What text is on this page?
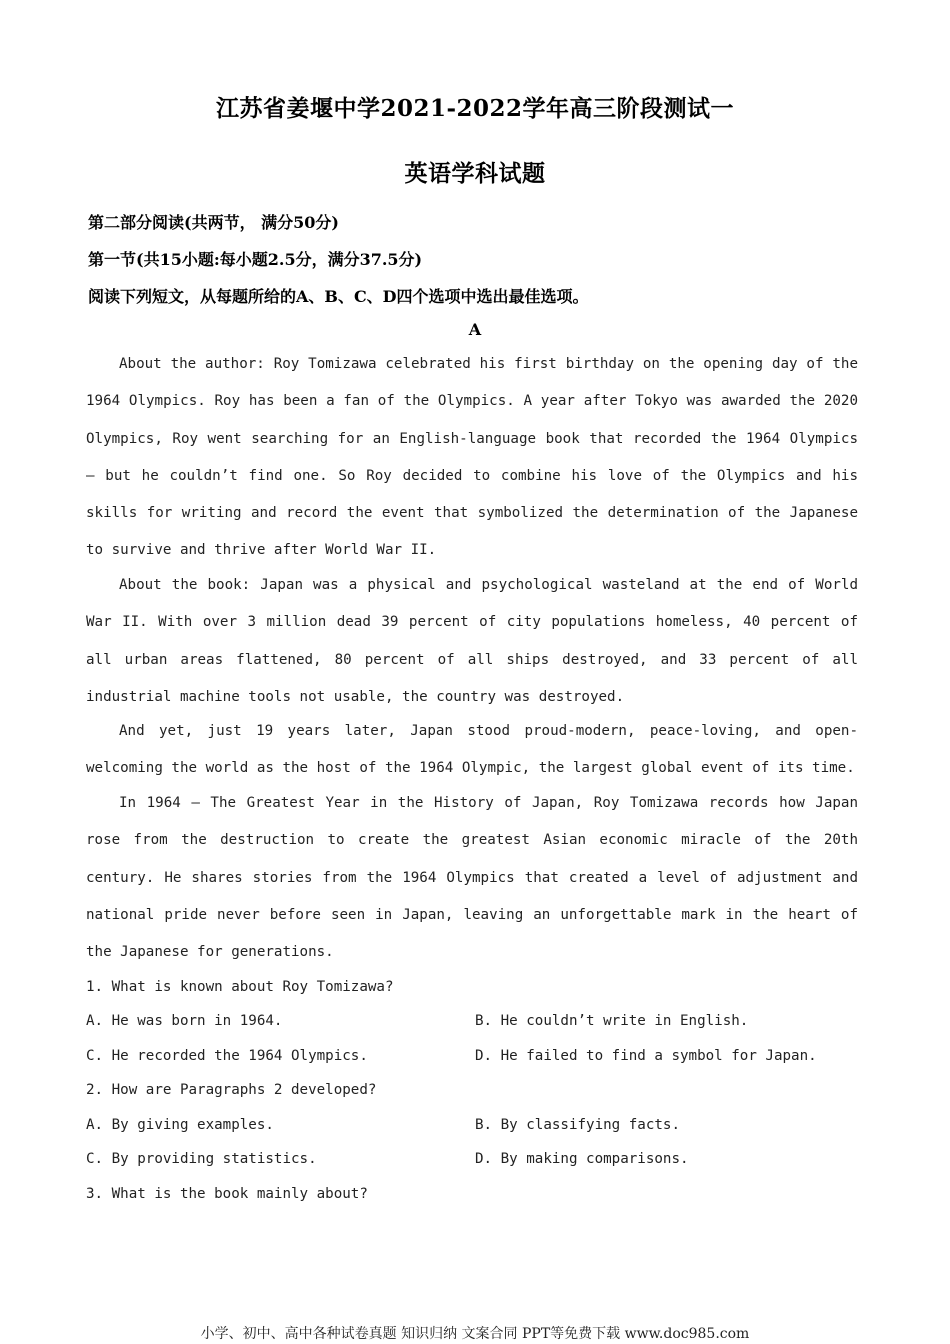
江苏省姜堰中学2021-2022学年高三阶段测试一
英语学科试题
第二部分阅读(共两节， 满分50分)
第一节(共15小题:每小题2.5分，满分37.5分)
阅读下列短文，从每题所给的A、B、C、D四个选项中选出最佳选项。
A

About the author: Roy Tomizawa celebrated his first birthday on the opening day of the 1964 Olympics. Roy has been a fan of the Olympics. A year after Tokyo was awarded the 2020 Olympics, Roy went searching for an English-language book that recorded the 1964 Olympics — but he couldn’t find one. So Roy decided to combine his love of the Olympics and his skills for writing and record the event that symbolized the determination of the Japanese to survive and thrive after World War II.

About the book: Japan was a physical and psychological wasteland at the end of World War II. With over 3 million dead 39 percent of city populations homeless, 40 percent of all urban areas flattened, 80 percent of all ships destroyed, and 33 percent of all industrial machine tools not usable, the country was destroyed.

And yet, just 19 years later, Japan stood proud-modern, peace-loving, and open-welcoming the world as the host of the 1964 Olympic, the largest global event of its time.

In 1964 — The Greatest Year in the History of Japan, Roy Tomizawa records how Japan rose from the destruction to create the greatest Asian economic miracle of the 20th century. He shares stories from the 1964 Olympics that created a level of adjustment and national pride never before seen in Japan, leaving an unforgettable mark in the heart of the Japanese for generations.

1. What is known about Roy Tomizawa?
A. He was born in 1964.	B. He couldn’t write in English.
C. He recorded the 1964 Olympics.	D. He failed to find a symbol for Japan.
2. How are Paragraphs 2 developed?
A. By giving examples.	B. By classifying facts.
C. By providing statistics.	D. By making comparisons.
3. What is the book mainly about?
小学、初中、高中各种试卷真题 知识归纳 文案合同 PPT等免费下载 www.doc985.com
